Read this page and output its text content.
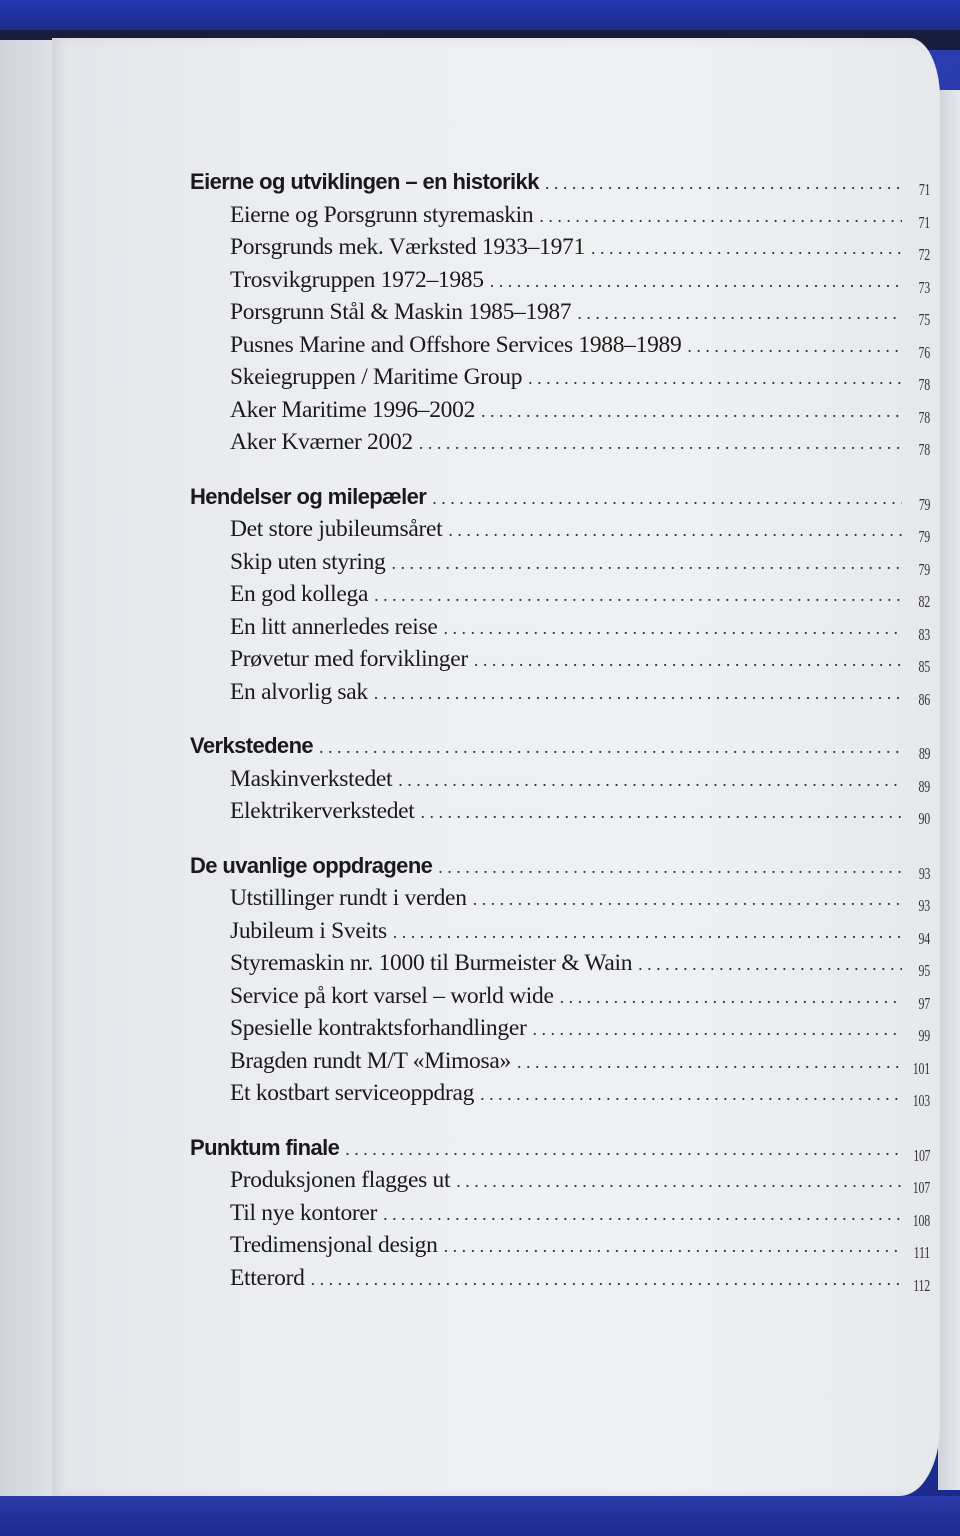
Eierne og utviklingen – en historikk . . .	71
Eierne og Porsgrunn styremaskin . . .	71
Porsgrunds mek. Værksted 1933–1971 . . .	72
Trosvikgruppen 1972–1985 . . .	73
Porsgrunn Stål & Maskin 1985–1987 . . .	75
Pusnes Marine and Offshore Services 1988–1989 . . .	76
Skeiegruppen / Maritime Group . . .	78
Aker Maritime 1996–2002 . . .	78
Aker Kværner 2002 . . .	78
Hendelser og milepæler . . .	79
Det store jubileumsåret . . .	79
Skip uten styring . . .	79
En god kollega . . .	82
En litt annerledes reise . . .	83
Prøvetur med forviklinger . . .	85
En alvorlig sak . . .	86
Verkstedene . . .	89
Maskinverkstedet . . .	89
Elektrikerverkstedet . . .	90
De uvanlige oppdragene . . .	93
Utstillinger rundt i verden . . .	93
Jubileum i Sveits . . .	94
Styremaskin nr. 1000 til Burmeister & Wain . . .	95
Service på kort varsel – world wide . . .	97
Spesielle kontraktsforhandlinger . . .	99
Bragden rundt M/T «Mimosa» . . .	101
Et kostbart serviceoppdrag . . .	103
Punktum finale . . .	107
Produksjonen flagges ut . . .	107
Til nye kontorer . . .	108
Tredimensjonal design . . .	111
Etterord . . .	112
